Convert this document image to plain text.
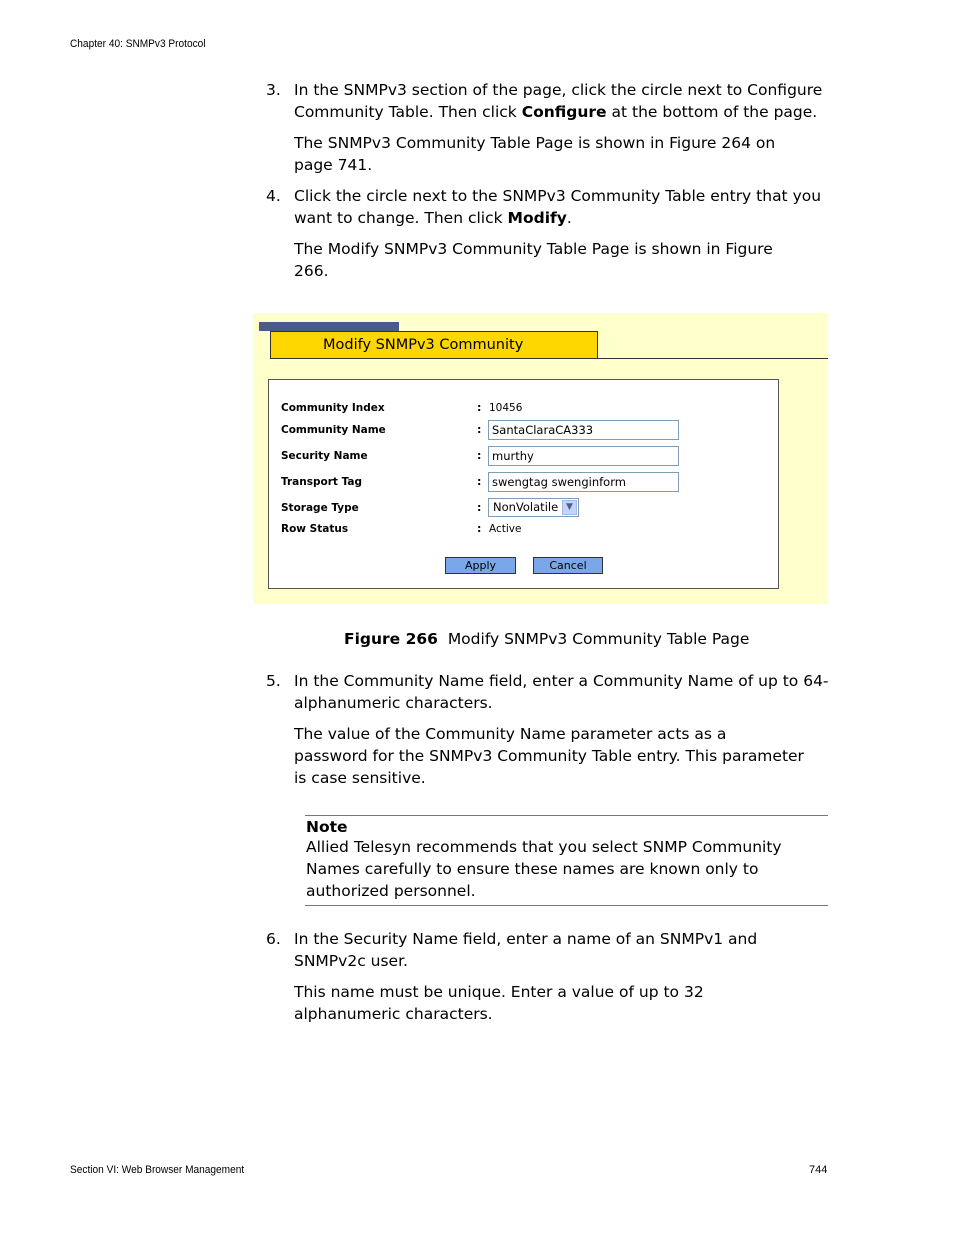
Chapter 40: SNMPv3 Protocol
3. In the SNMPv3 section of the page, click the circle next to Configure Community Table. Then click Configure at the bottom of the page.
The SNMPv3 Community Table Page is shown in Figure 264 on page 741.
4. Click the circle next to the SNMPv3 Community Table entry that you want to change. Then click Modify.
The Modify SNMPv3 Community Table Page is shown in Figure 266.
Modify SNMPv3 Community
Community Index	: 10456
Community Name	: SantaClaraCA333
Security Name	: murthy
Transport Tag	: swengtag swenginform
Storage Type	:	NonVolatile ▼
Row Status	: Active
Apply	Cancel
Figure 266 Modify SNMPv3 Community Table Page
5. In the Community Name field, enter a Community Name of up to 64-alphanumeric characters.
The value of the Community Name parameter acts as a password for the SNMPv3 Community Table entry. This parameter is case sensitive.
Note
Allied Telesyn recommends that you select SNMP Community Names carefully to ensure these names are known only to authorized personnel.
6. In the Security Name field, enter a name of an SNMPv1 and SNMPv2c user.
This name must be unique. Enter a value of up to 32 alphanumeric characters.
Section VI: Web Browser Management	744
